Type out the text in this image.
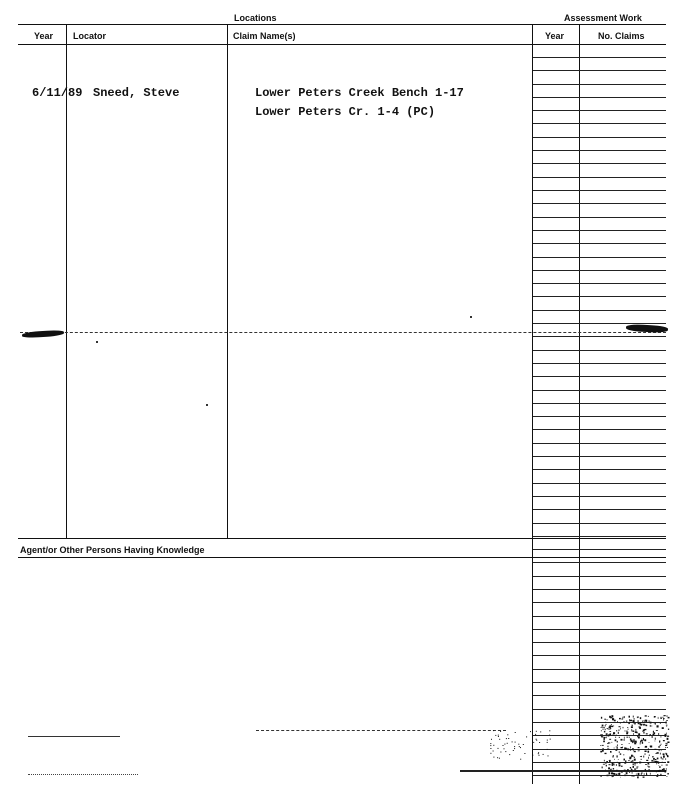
Locations	Assessment Work
Year Locator	Claim Name(s)	Year	No. Claims
6/11/89 Sneed, Steve	Lower Peters Creek Bench 1-17
Lower Peters Cr. 1-4 (PC)
Agent/or Other Persons Having Knowledge
